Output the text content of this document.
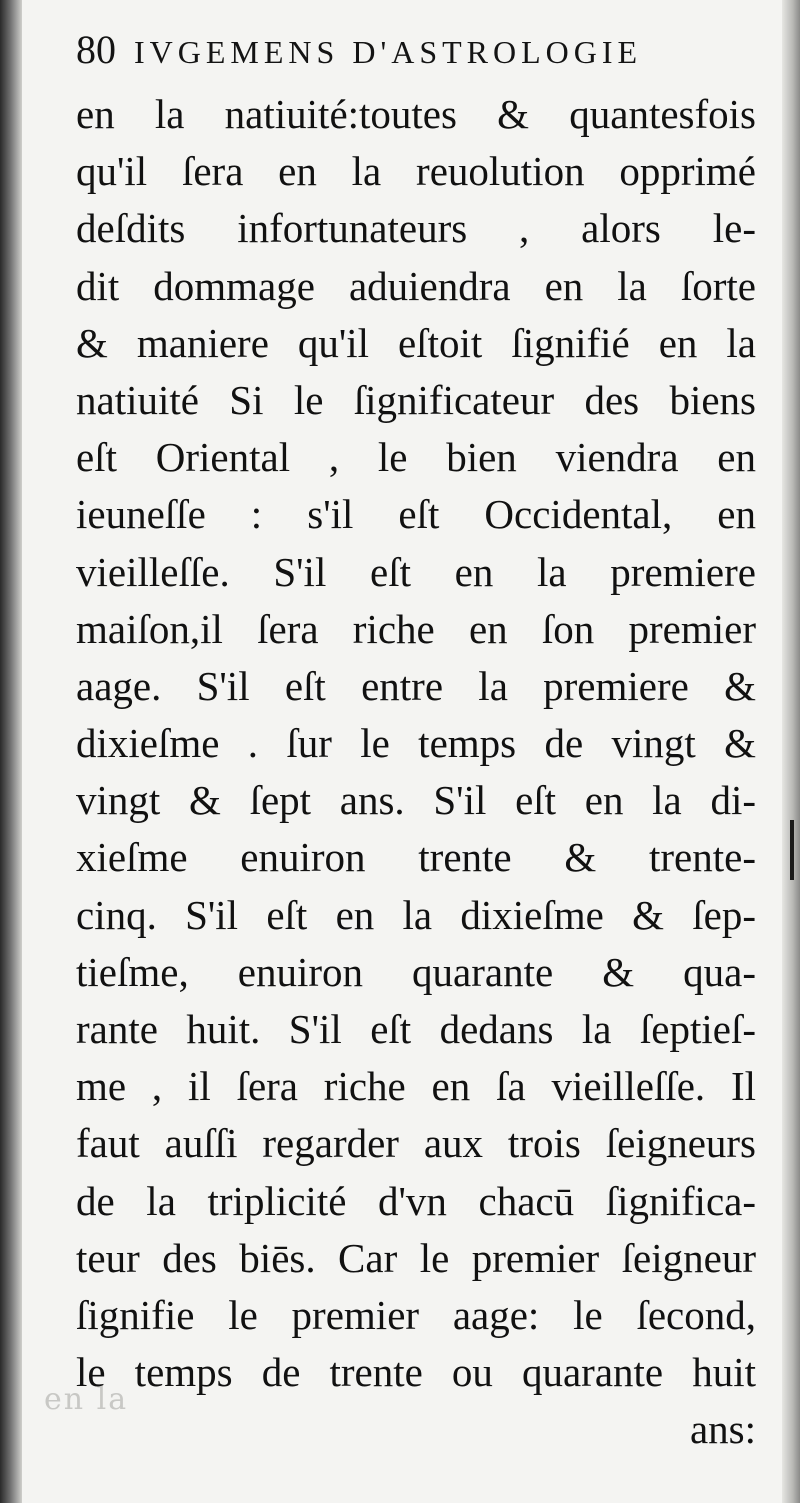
en la
80 IVGEMENS D'ASTROLOGIE
en la natiuité:toutes & quantesfois
qu'il ſera en la reuolution opprimé
deſdits infortunateurs , alors le-
dit dommage aduiendra en la ſorte
& maniere qu'il eſtoit ſignifié en la
natiuité Si le ſignificateur des biens
eſt Oriental , le bien viendra en
ieuneſſe : s'il eſt Occidental, en
vieilleſſe. S'il eſt en la premiere
maiſon,il ſera riche en ſon premier
aage. S'il eſt entre la premiere &
dixieſme . ſur le temps de vingt &
vingt & ſept ans. S'il eſt en la di-
xieſme enuiron trente & trente-
cinq. S'il eſt en la dixieſme & ſep-
tieſme, enuiron quarante & qua-
rante huit. S'il eſt dedans la ſeptieſ-
me , il ſera riche en ſa vieilleſſe. Il
faut auſſi regarder aux trois ſeigneurs
de la triplicité d'vn chacū ſignifica-
teur des biēs. Car le premier ſeigneur
ſignifie le premier aage: le ſecond,
le temps de trente ou quarante huit
ans:
